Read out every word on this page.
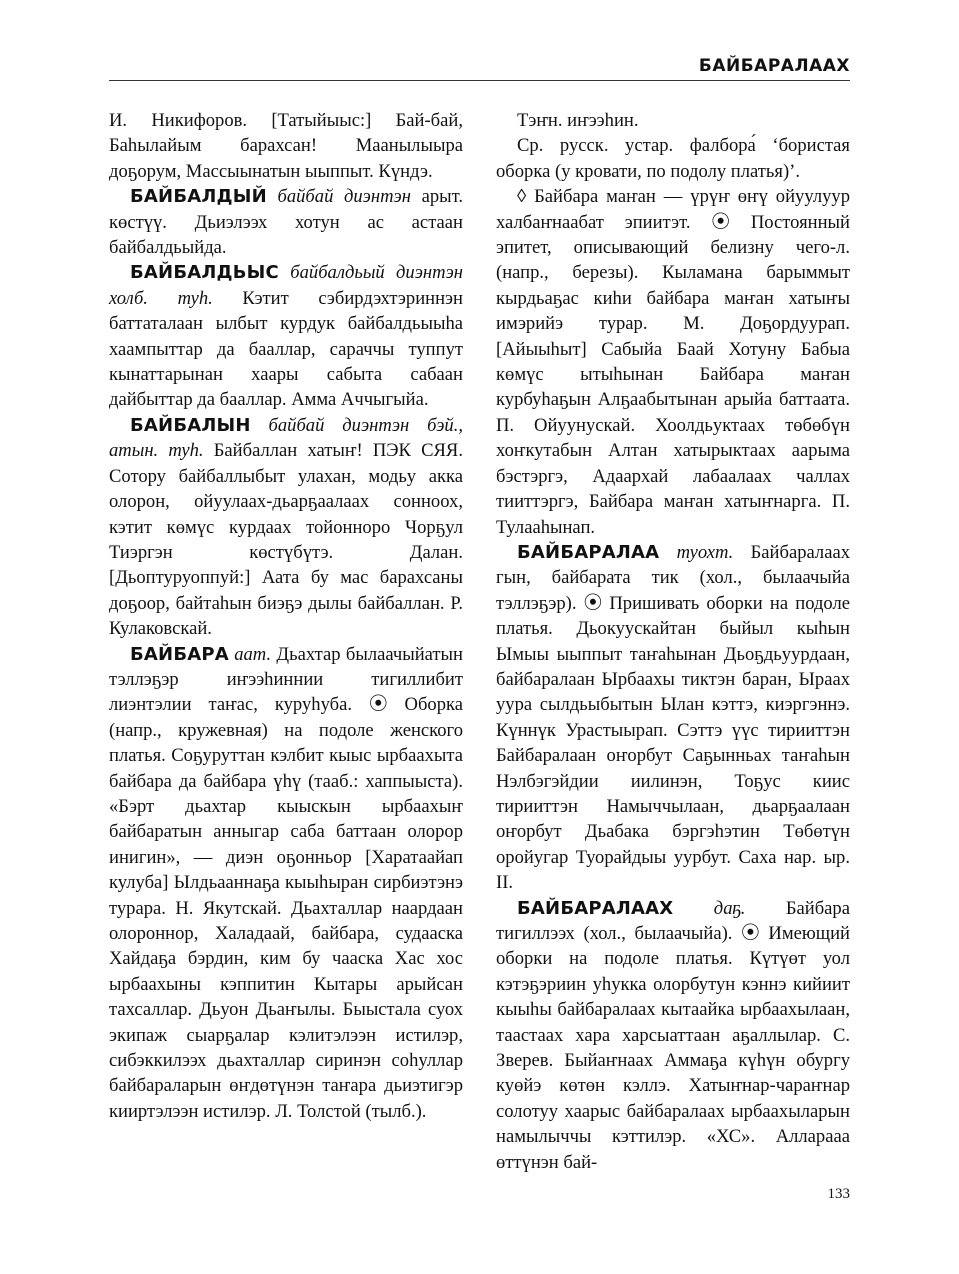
БАЙБАРАЛААХ

И. Никифоров. [Татыйыыс:] Бай-бай, Баһылайым барахсан! Маанылыыра доҕорум, Массыынатын ыыппыт. Күндэ.

БАЙБАЛДЫЙ байбай диэнтэн арыт. көстүү. Дьиэлээх хотун ас астаан байбалдьыйда.

БАЙБАЛДЬЫС байбалдьый диэнтэн холб. туһ. Кэтит сэбирдэхтэриннэн баттаталаан ылбыт курдук байбалдьыыһа хаампыттар да бааллар, сараччы туппут кынаттарынан хаары сабыта сабаан дайбыттар да бааллар. Амма Аччыгыйа.

БАЙБАЛЫН байбай диэнтэн бэй., атын. туһ. Байбаллан хатыҥ! ПЭК СЯЯ. Сотору байбаллыбыт улахан, модьу акка олорон, ойуулаах-дьарҕаалаах сонноох, кэтит көмүс курдаах тойонноро Чорҕул Тиэргэн көстүбүтэ. Далан. [Дьоптуруоппуй:] Аата бу мас барахсаны доҕоор, байтаһын биэҕэ дылы байбаллан. Р. Кулаковскай.

БАЙБАРА аат. Дьахтар былаачыйатын тэллэҕэр иҥээһиннии тигиллибит лиэнтэлии таҥас, куруһуба. ⦿ Оборка (напр., кружевная) на подоле женского платья. Соҕуруттан кэлбит кыыс ырбаахыта байбара да байбара үһү (тааб.: хаппыыста). «Бэрт дьахтар кыыскын ырбаахыҥ байбаратын анныгар саба баттаан олорор инигин», — диэн оҕонньор [Харатаайап кулуба] Ылдьааннаҕа кыыһыран сирбиэтэнэ турара. Н. Якутскай. Дьахталлар наардаан олороннор, Халадаай, байбара, судааска Хайдаҕа бэрдин, ким бу чааска Хас хос ырбаахыны кэппитин Кытары арыйсан тахсаллар. Дьуон Дьаҥылы. Быыстала суох экипаж сыарҕалар кэлитэлээн истилэр, сибэккилээх дьахталлар сиринэн соһуллар байбараларын өҥдөтүнэн таҥара дьиэтигэр кииртэлээн истилэр. Л. Толстой (тылб.).

Тэҥн. иҥээһин.

Ср. русск. устар. фалбора́ ‘бористая оборка (у кровати, по подолу платья)’.

◊ Байбара маҥан — үрүҥ өҥү ойуулуур халбаҥнаабат эпиитэт. ⦿ Постоянный эпитет, описывающий белизну чего-л. (напр., березы). Кыламана барыммыт кырдьаҕас киһи байбара маҥан хатыҥы имэрийэ турар. М. Доҕордуурап. [Айыыһыт] Сабыйа Баай Хотуну Бабыа көмүс ытыһынан Байбара маҥан курбуһаҕын Алҕаабытынан арыйа баттаата. П. Ойуунускай. Хоолдьуктаах төбөбүн хоҥкутабын Алтан хатырыктаах аарыма бэстэргэ, Адаархай лабаалаах чаллах тииттэргэ, Байбара маҥан хатыҥнарга. П. Тулааһынап.

БАЙБАРАЛАА туохт. Байбаралаах гын, байбарата тик (хол., былаачыйа тэллэҕэр). ⦿ Пришивать оборки на подоле платья. Дьокуускайтан быйыл кыһын Ымыы ыыппыт таҥаһынан Дьоҕдьуурдаан, байбаралаан Ырбаахы тиктэн баран, Ыраах уура сылдьыбытын Ылан кэттэ, киэргэннэ. Күннүк Урастыырап. Сэттэ үүс тирииттэн Байбаралаан оҥорбут Саҕынньах таҥаһын Нэлбэгэйдии иилинэн, Тоҕус киис тирииттэн Намыччылаан, дьарҕаалаан оҥорбут Дьабака бэргэһэтин Төбөтүн оройугар Туорайдыы уурбут. Саха нар. ыр. II.

БАЙБАРАЛААХ даҕ. Байбара тигиллээх (хол., былаачыйа). ⦿ Имеющий оборки на подоле платья. Күтүөт уол кэтэҕэриин уһукка олорбутун кэннэ кийиит кыыһы байбаралаах кытаайка ырбаахылаан, таастаах хара харсыаттаан аҕаллылар. С. Зверев. Быйаҥнаах Аммаҕа күһүн обургу куөйэ көтөн кэллэ. Хатыҥнар-чараҥнар солотуу хаарыс байбаралаах ырбаахыларын намылыччы кэттилэр. «ХС». Алларааа өттүнэн бай-

133
